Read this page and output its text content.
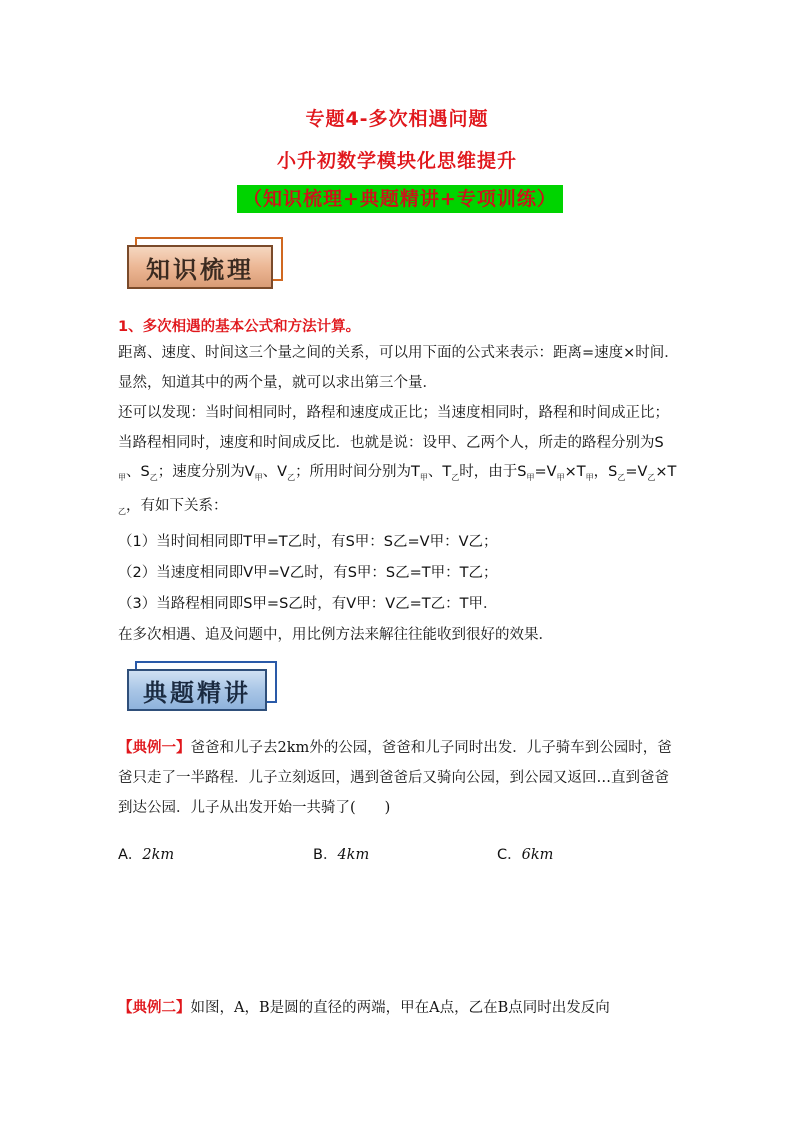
专题4-多次相遇问题
小升初数学模块化思维提升
（知识梳理+典题精讲+专项训练）
知识梳理
1、多次相遇的基本公式和方法计算。

距离、速度、时间这三个量之间的关系，可以用下面的公式来表示：距离=速度×时间．显然，知道其中的两个量，就可以求出第三个量．

还可以发现：当时间相同时，路程和速度成正比；当速度相同时，路程和时间成正比；当路程相同时，速度和时间成反比．也就是说：设甲、乙两个人，所走的路程分别为$S_甲$、$S_乙$；速度分别为$V_甲$、$V_乙$；所用时间分别为$T_甲$、$T_乙$时，由于$S_甲=V_甲\times T_甲$，$S_乙=V_乙\times T_乙$，有如下关系：

（1）当时间相同即T甲=T乙时，有S甲：S乙=V甲：V乙；
（2）当速度相同即V甲=V乙时，有S甲：S乙=T甲：T乙；
（3）当路程相同即S甲=S乙时，有V甲：V乙=T乙：T甲．
在多次相遇、追及问题中，用比例方法来解往往能收到很好的效果．
典题精讲
【典例一】爸爸和儿子去2km外的公园，爸爸和儿子同时出发．儿子骑车到公园时，爸爸只走了一半路程．儿子立刻返回，遇到爸爸后又骑向公园，到公园又返回…直到爸爸到达公园．儿子从出发开始一共骑了(　　)
A．2km	B．4km	C．6km
【典例二】如图，A，B是圆的直径的两端，甲在A点，乙在B点同时出发反向
